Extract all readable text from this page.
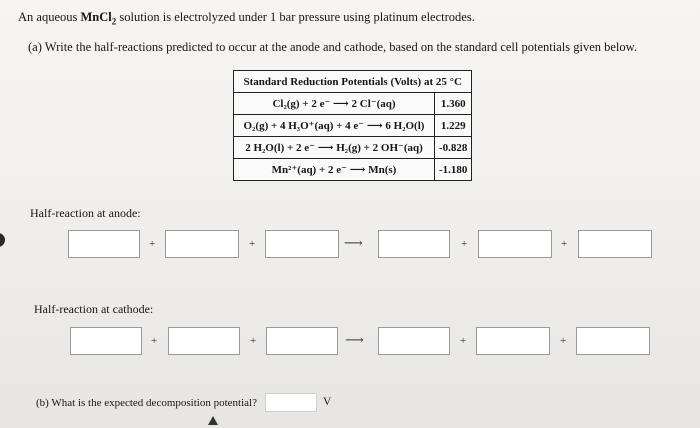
An aqueous MnCl$_2$ solution is electrolyzed under 1 bar pressure using platinum electrodes.
(a) Write the half-reactions predicted to occur at the anode and cathode, based on the standard cell potentials given below.
Standard Reduction Potentials (Volts) at 25 °C	
Cl₂(g) + 2 e⁻ ⟶ 2 Cl⁻(aq)	1.360
O₂(g) + 4 H₃O⁺(aq) + 4 e⁻ ⟶ 6 H₂O(l)	1.229
2 H₂O(l) + 2 e⁻ ⟶ H₂(g) + 2 OH⁻(aq)	-0.828
Mn²⁺(aq) + 2 e⁻ ⟶ Mn(s)	-1.180
Half-reaction at anode:
+	+	⟶	+	+
Half-reaction at cathode:
+	+	⟶	+	+
(b) What is the expected decomposition potential?	V
